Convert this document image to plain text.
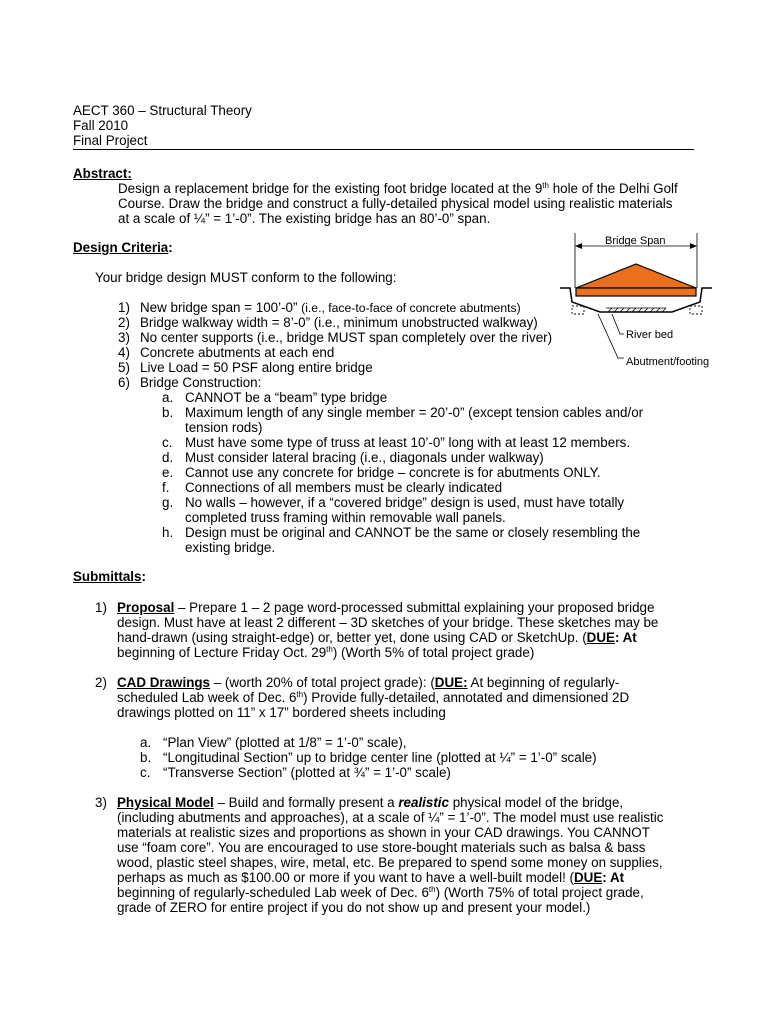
AECT 360 – Structural Theory
Fall 2010
Final Project
Abstract:
Design a replacement bridge for the existing foot bridge located at the 9th hole of the Delhi Golf
Course. Draw the bridge and construct a fully-detailed physical model using realistic materials
at a scale of ¼” = 1’-0”. The existing bridge has an 80’-0” span.
Design Criteria:
Your bridge design MUST conform to the following:
1) New bridge span = 100’-0” (i.e., face-to-face of concrete abutments)
2) Bridge walkway width = 8’-0” (i.e., minimum unobstructed walkway)
3) No center supports (i.e., bridge MUST span completely over the river)
4) Concrete abutments at each end
5) Live Load = 50 PSF along entire bridge
6) Bridge Construction:
a. CANNOT be a “beam” type bridge
b. Maximum length of any single member = 20’-0” (except tension cables and/or
tension rods)
c. Must have some type of truss at least 10’-0” long with at least 12 members.
d. Must consider lateral bracing (i.e., diagonals under walkway)
e. Cannot use any concrete for bridge – concrete is for abutments ONLY.
f. Connections of all members must be clearly indicated
g. No walls – however, if a “covered bridge” design is used, must have totally
completed truss framing within removable wall panels.
h. Design must be original and CANNOT be the same or closely resembling the
existing bridge.
Bridge Span
River bed
Abutment/footing
Submittals:
1) Proposal – Prepare 1 – 2 page word-processed submittal explaining your proposed bridge
design. Must have at least 2 different – 3D sketches of your bridge. These sketches may be
hand-drawn (using straight-edge) or, better yet, done using CAD or SketchUp. (DUE: At
beginning of Lecture Friday Oct. 29th) (Worth 5% of total project grade)
2) CAD Drawings – (worth 20% of total project grade): (DUE: At beginning of regularly-
scheduled Lab week of Dec. 6th) Provide fully-detailed, annotated and dimensioned 2D
drawings plotted on 11” x 17” bordered sheets including
a. “Plan View” (plotted at 1/8” = 1’-0” scale),
b. “Longitudinal Section” up to bridge center line (plotted at ¼” = 1’-0” scale)
c. “Transverse Section” (plotted at ¾” = 1’-0” scale)
3) Physical Model – Build and formally present a realistic physical model of the bridge,
(including abutments and approaches), at a scale of ¼” = 1’-0”. The model must use realistic
materials at realistic sizes and proportions as shown in your CAD drawings. You CANNOT
use “foam core”. You are encouraged to use store-bought materials such as balsa & bass
wood, plastic steel shapes, wire, metal, etc. Be prepared to spend some money on supplies,
perhaps as much as $100.00 or more if you want to have a well-built model! (DUE: At
beginning of regularly-scheduled Lab week of Dec. 6th) (Worth 75% of total project grade,
grade of ZERO for entire project if you do not show up and present your model.)
